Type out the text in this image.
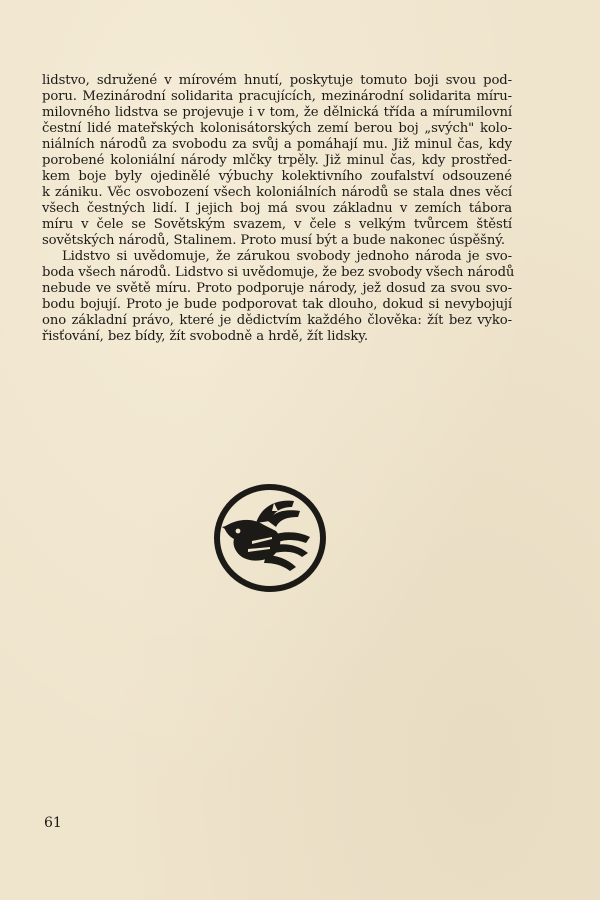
lidstvo, sdružené v mírovém hnutí, poskytuje tomuto boji svou pod-
poru. Mezinárodní solidarita pracujících, mezinárodní solidarita míru-
milovného lidstva se projevuje i v tom, že dělnická třída a mírumilovní
čestní lidé mateřských kolonisátorských zemí berou boj „svých" kolo-
niálních národů za svobodu za svůj a pomáhají mu. Již minul čas, kdy
porobené koloniální národy mlčky trpěly. Již minul čas, kdy prostřed-
kem boje byly ojedinělé výbuchy kolektivního zoufalství odsouzené
k zániku. Věc osvobození všech koloniálních národů se stala dnes věcí
všech čestných lidí. I jejich boj má svou základnu v zemích tábora
míru v čele se Sovětským svazem, v čele s velkým tvůrcem štěstí
sovětských národů, Stalinem. Proto musí být a bude nakonec úspěšný.
Lidstvo si uvědomuje, že zárukou svobody jednoho národa je svo-
boda všech národů. Lidstvo si uvědomuje, že bez svobody všech národů
nebude ve světě míru. Proto podporuje národy, jež dosud za svou svo-
bodu bojují. Proto je bude podporovat tak dlouho, dokud si nevybojují
ono základní právo, které je dědictvím každého člověka: žít bez vyko-
řisťování, bez bídy, žít svobodně a hrdě, žít lidsky.
61
